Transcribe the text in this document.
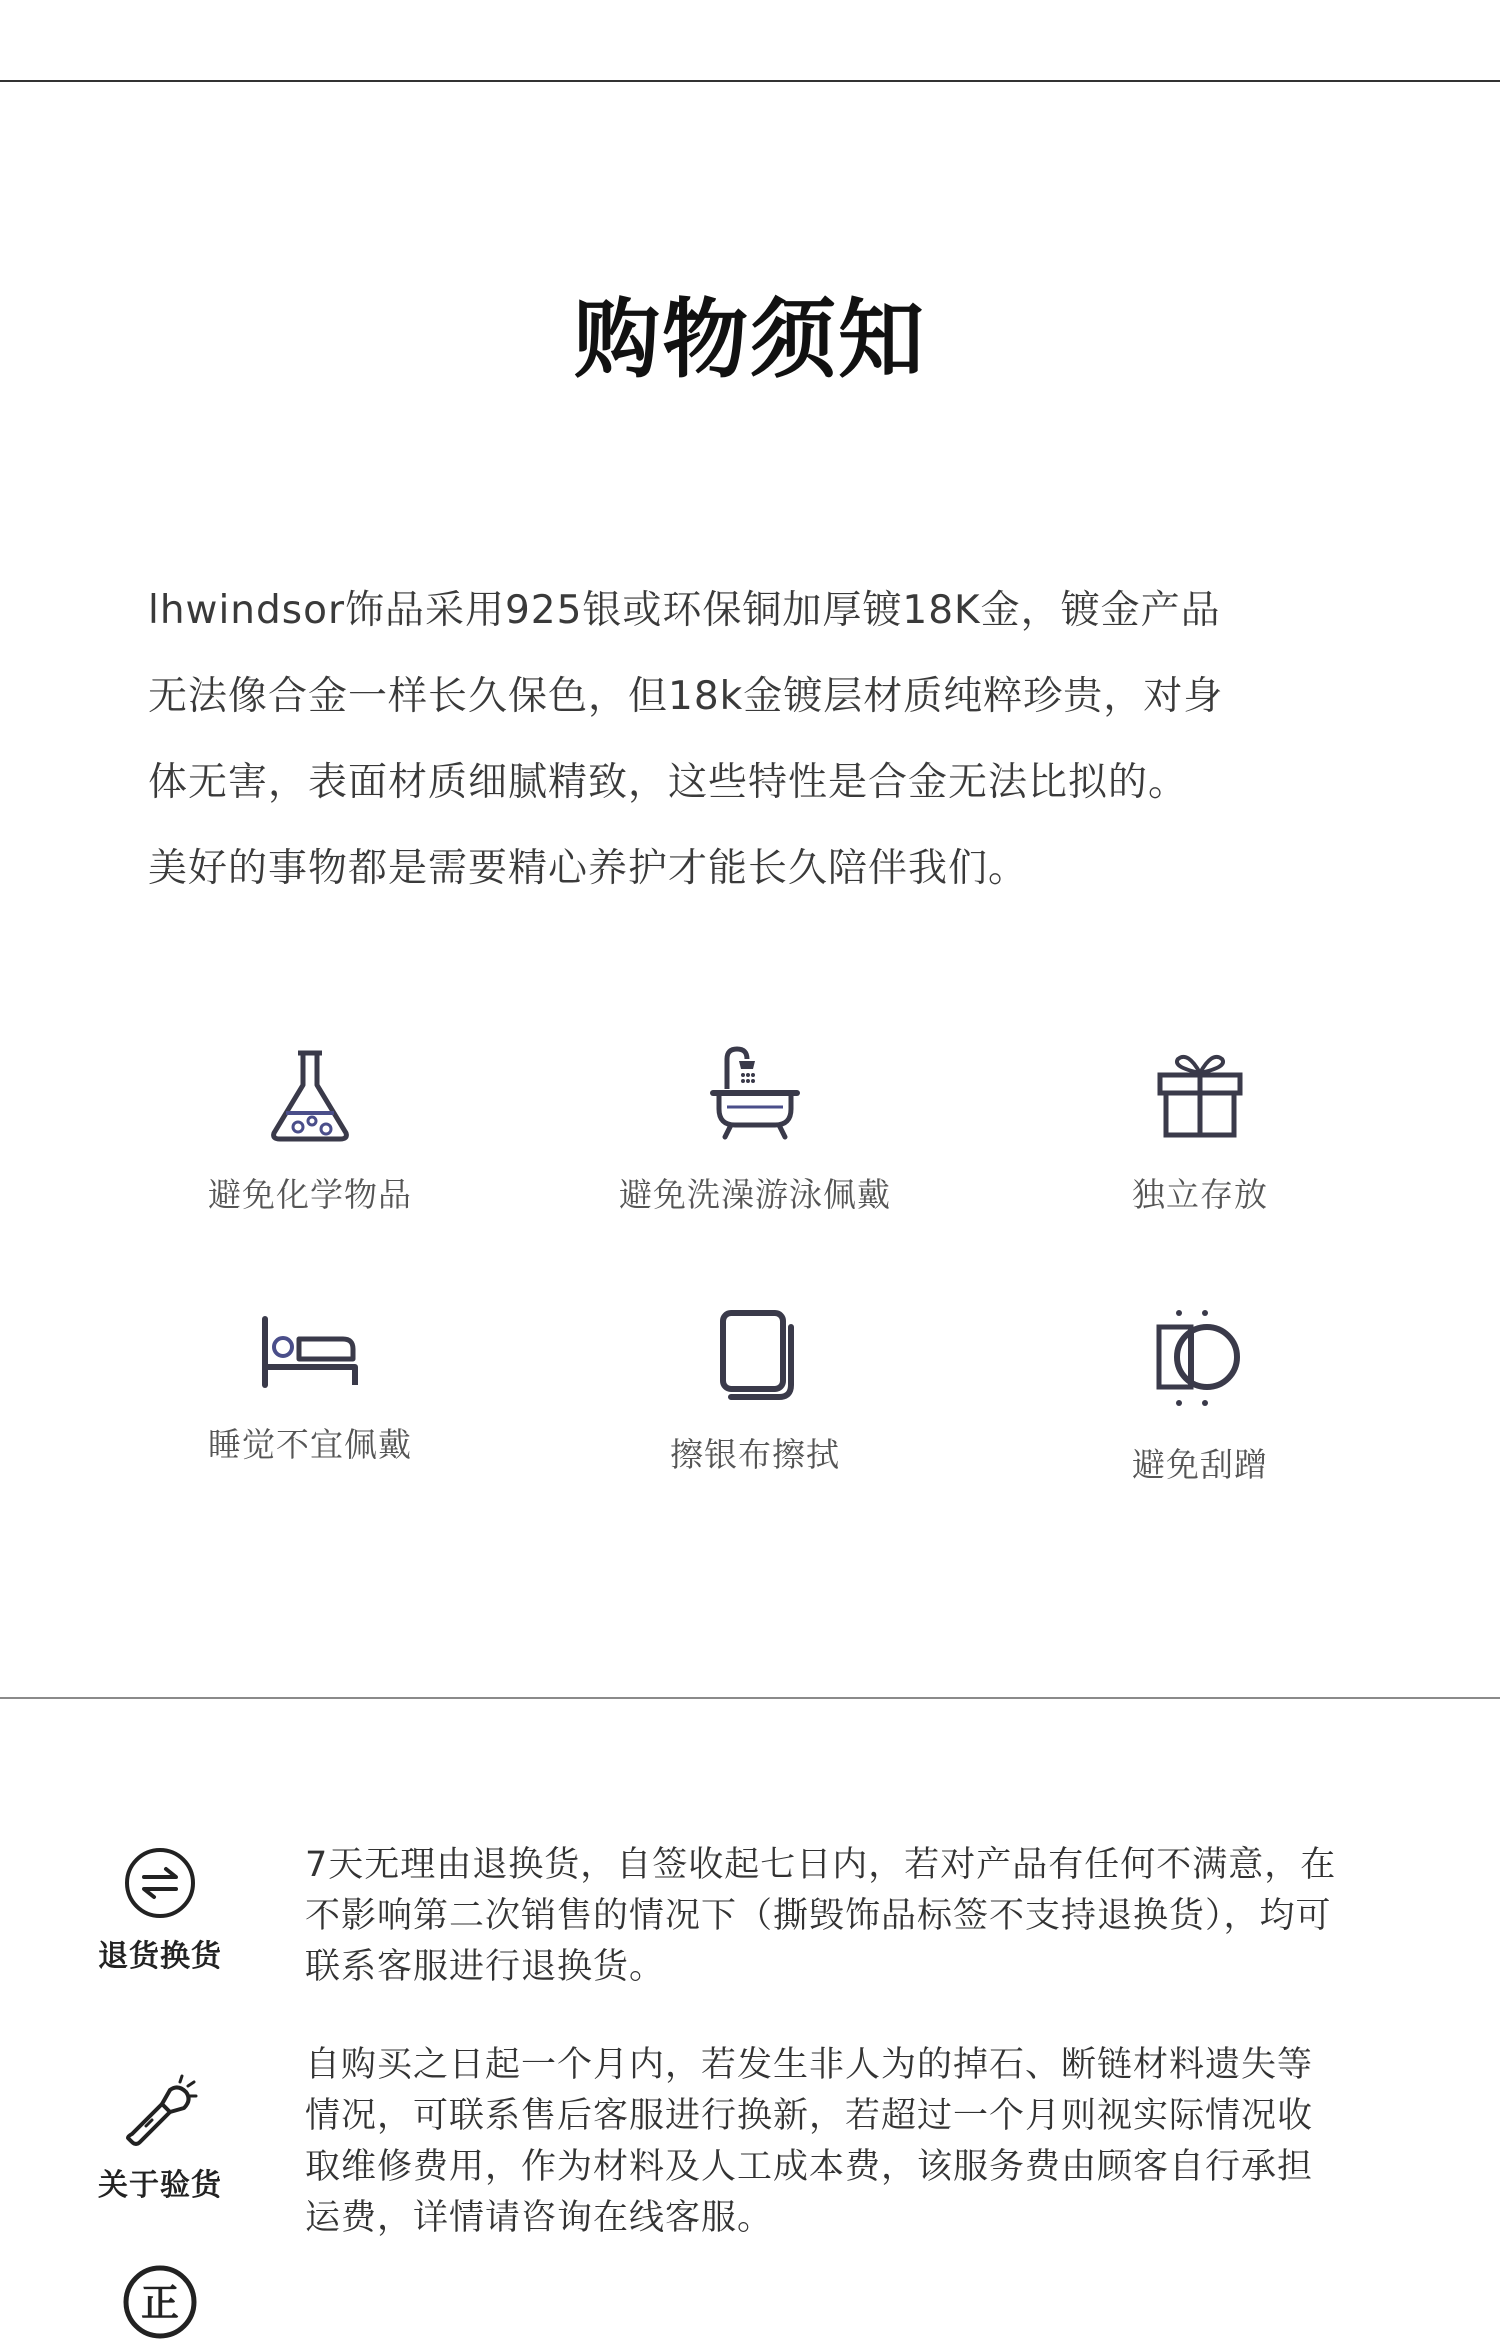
购物须知
lhwindsor饰品采用925银或环保铜加厚镀18K金，镀金产品
无法像合金一样长久保色，但18k金镀层材质纯粹珍贵，对身
体无害，表面材质细腻精致，这些特性是合金无法比拟的。
美好的事物都是需要精心养护才能长久陪伴我们。
避免化学物品	避免洗澡游泳佩戴	独立存放
睡觉不宜佩戴	擦银布擦拭	避免刮蹭
退货换货
7天无理由退换货，自签收起七日内，若对产品有任何不满意，在
不影响第二次销售的情况下（撕毁饰品标签不支持退换货），均可
联系客服进行退换货。
关于验货
自购买之日起一个月内，若发生非人为的掉石、断链材料遗失等
情况，可联系售后客服进行换新，若超过一个月则视实际情况收
取维修费用，作为材料及人工成本费，该服务费由顾客自行承担
运费，详情请咨询在线客服。
正
